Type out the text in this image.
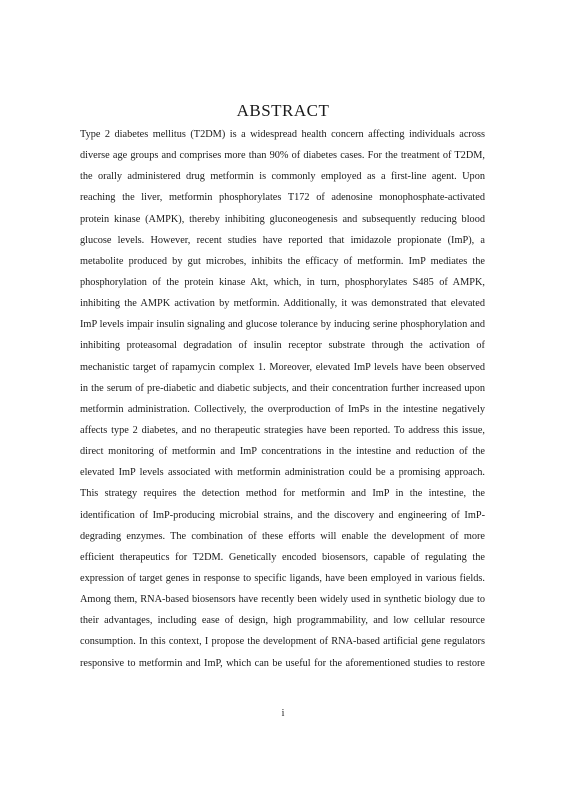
ABSTRACT
Type 2 diabetes mellitus (T2DM) is a widespread health concern affecting individuals across
diverse age groups and comprises more than 90% of diabetes cases. For the treatment of T2DM,
the orally administered drug metformin is commonly employed as a first-line agent. Upon
reaching the liver, metformin phosphorylates T172 of adenosine monophosphate-activated
protein kinase (AMPK), thereby inhibiting gluconeogenesis and subsequently reducing blood
glucose levels. However, recent studies have reported that imidazole propionate (ImP), a
metabolite produced by gut microbes, inhibits the efficacy of metformin. ImP mediates the
phosphorylation of the protein kinase Akt, which, in turn, phosphorylates S485 of AMPK,
inhibiting the AMPK activation by metformin. Additionally, it was demonstrated that elevated
ImP levels impair insulin signaling and glucose tolerance by inducing serine phosphorylation and
inhibiting proteasomal degradation of insulin receptor substrate through the activation of
mechanistic target of rapamycin complex 1. Moreover, elevated ImP levels have been observed
in the serum of pre-diabetic and diabetic subjects, and their concentration further increased upon
metformin administration. Collectively, the overproduction of ImPs in the intestine negatively
affects type 2 diabetes, and no therapeutic strategies have been reported. To address this issue,
direct monitoring of metformin and ImP concentrations in the intestine and reduction of the
elevated ImP levels associated with metformin administration could be a promising approach.
This strategy requires the detection method for metformin and ImP in the intestine, the
identification of ImP-producing microbial strains, and the discovery and engineering of ImP-
degrading enzymes. The combination of these efforts will enable the development of more
efficient therapeutics for T2DM. Genetically encoded biosensors, capable of regulating the
expression of target genes in response to specific ligands, have been employed in various fields.
Among them, RNA-based biosensors have recently been widely used in synthetic biology due to
their advantages, including ease of design, high programmability, and low cellular resource
consumption. In this context, I propose the development of RNA-based artificial gene regulators
responsive to metformin and ImP, which can be useful for the aforementioned studies to restore
i
